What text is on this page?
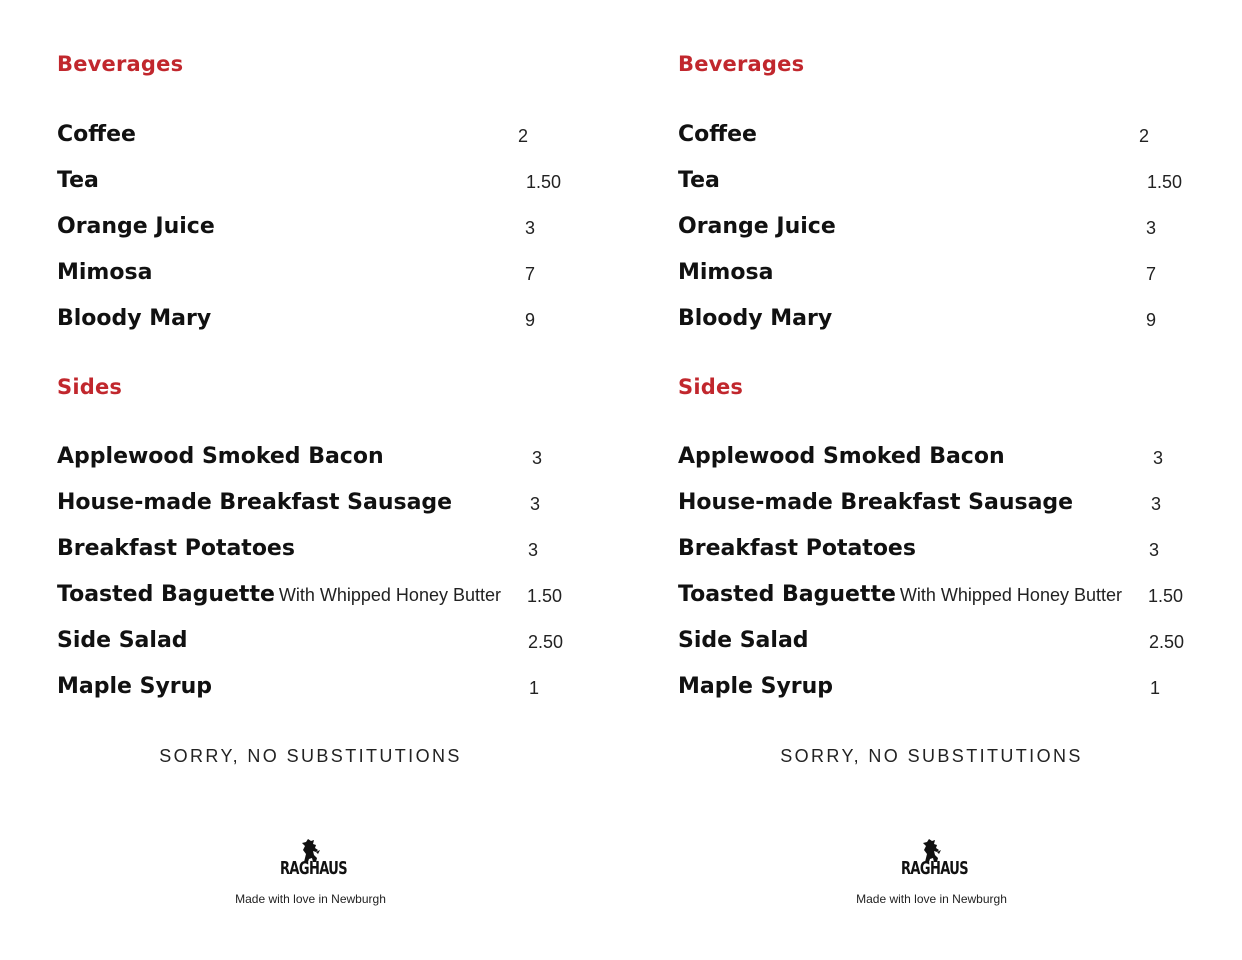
Beverages
Coffee	2
Tea	1.50
Orange Juice	3
Mimosa	7
Bloody Mary	9
Sides
Applewood Smoked Bacon	3
House-made Breakfast Sausage	3
Breakfast Potatoes	3
Toasted Baguette With Whipped Honey Butter 1.50
Side Salad	2.50
Maple Syrup	1
SORRY, NO SUBSTITUTIONS
RAGHAUS
Made with love in Newburgh
Beverages
Coffee	2
Tea	1.50
Orange Juice	3
Mimosa	7
Bloody Mary	9
Sides
Applewood Smoked Bacon	3
House-made Breakfast Sausage	3
Breakfast Potatoes	3
Toasted Baguette With Whipped Honey Butter 1.50
Side Salad	2.50
Maple Syrup	1
SORRY, NO SUBSTITUTIONS
RAGHAUS
Made with love in Newburgh
